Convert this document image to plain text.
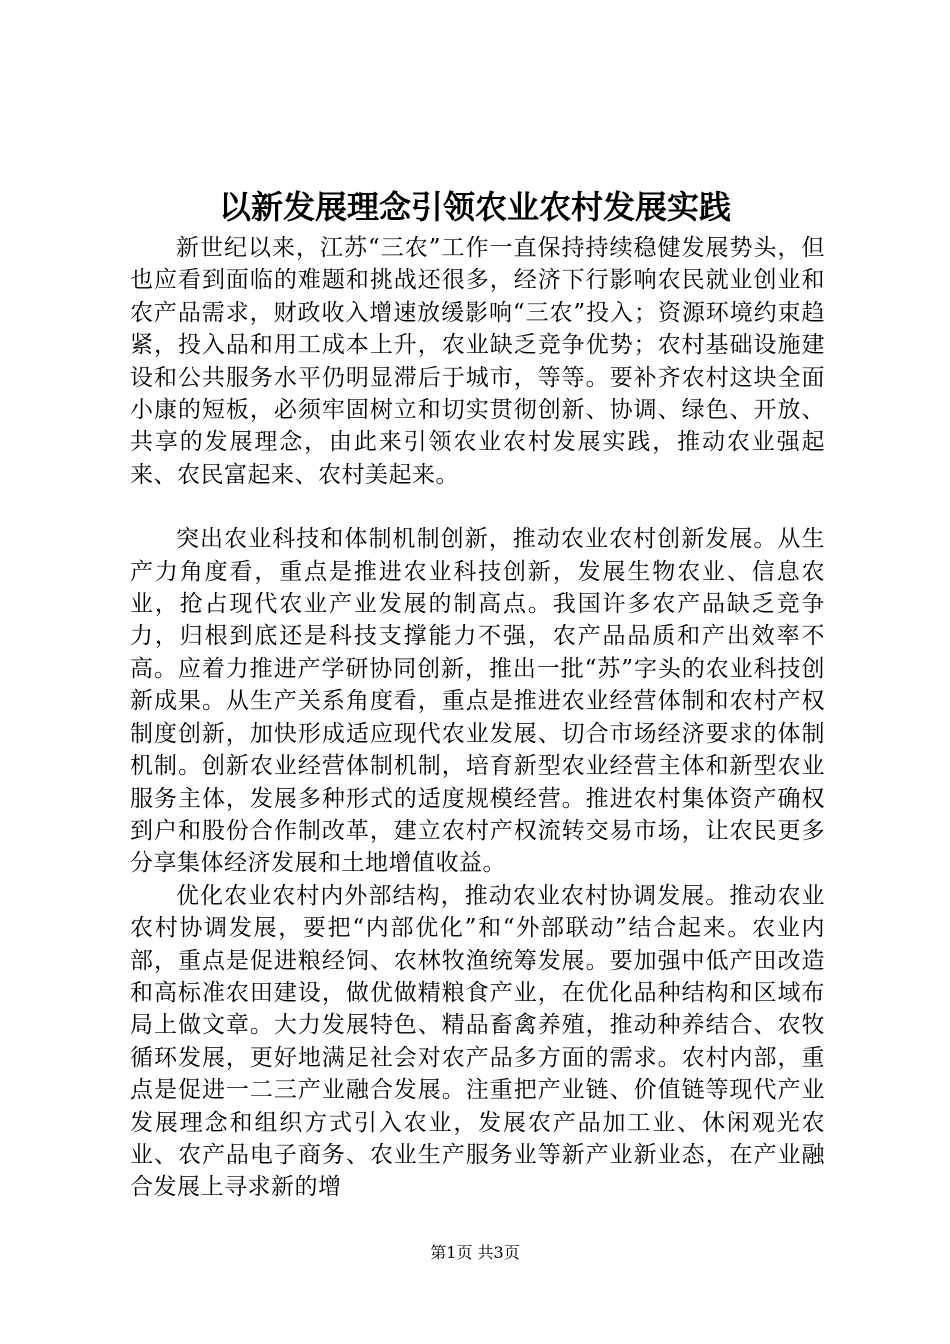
以新发展理念引领农业农村发展实践

新世纪以来，江苏“三农”工作一直保持持续稳健发展势头，但也应看到面临的难题和挑战还很多，经济下行影响农民就业创业和农产品需求，财政收入增速放缓影响“三农”投入；资源环境约束趋紧，投入品和用工成本上升，农业缺乏竞争优势；农村基础设施建设和公共服务水平仍明显滞后于城市，等等。要补齐农村这块全面小康的短板，必须牢固树立和切实贯彻创新、协调、绿色、开放、共享的发展理念，由此来引领农业农村发展实践，推动农业强起来、农民富起来、农村美起来。

突出农业科技和体制机制创新，推动农业农村创新发展。从生产力角度看，重点是推进农业科技创新，发展生物农业、信息农业，抢占现代农业产业发展的制高点。我国许多农产品缺乏竞争力，归根到底还是科技支撑能力不强，农产品品质和产出效率不高。应着力推进产学研协同创新，推出一批“苏”字头的农业科技创新成果。从生产关系角度看，重点是推进农业经营体制和农村产权制度创新，加快形成适应现代农业发展、切合市场经济要求的体制机制。创新农业经营体制机制，培育新型农业经营主体和新型农业服务主体，发展多种形式的适度规模经营。推进农村集体资产确权到户和股份合作制改革，建立农村产权流转交易市场，让农民更多分享集体经济发展和土地增值收益。

优化农业农村内外部结构，推动农业农村协调发展。推动农业农村协调发展，要把“内部优化”和“外部联动”结合起来。农业内部，重点是促进粮经饲、农林牧渔统筹发展。要加强中低产田改造和高标准农田建设，做优做精粮食产业，在优化品种结构和区域布局上做文章。大力发展特色、精品畜禽养殖，推动种养结合、农牧循环发展，更好地满足社会对农产品多方面的需求。农村内部，重点是促进一二三产业融合发展。注重把产业链、价值链等现代产业发展理念和组织方式引入农业，发展农产品加工业、休闲观光农业、农产品电子商务、农业生产服务业等新产业新业态，在产业融合发展上寻求新的增

第1页 共3页
